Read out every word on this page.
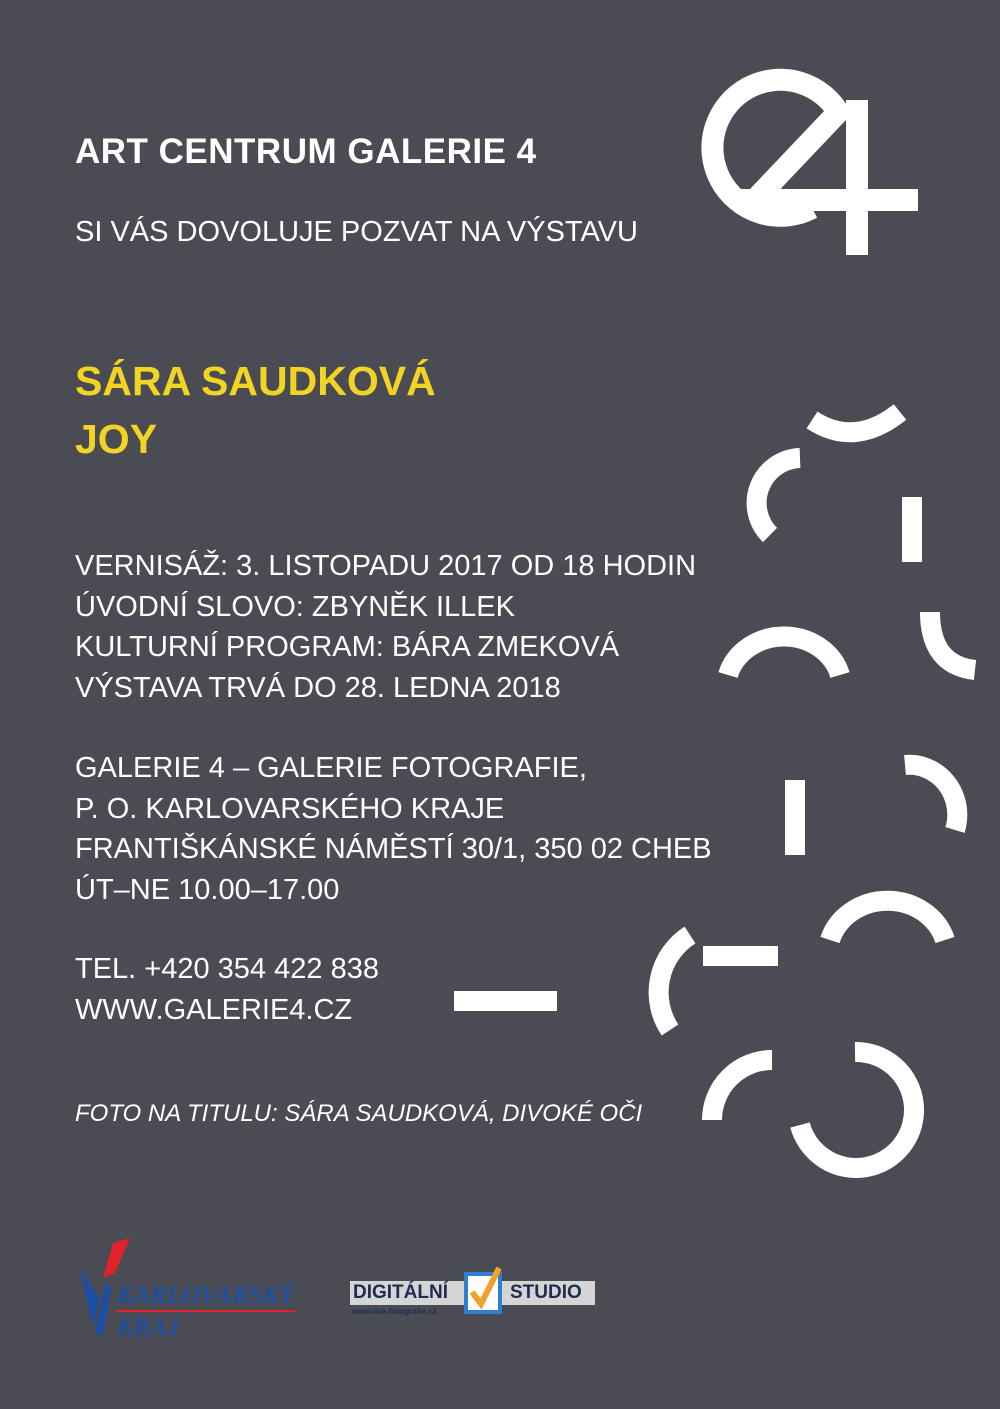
ART CENTRUM GALERIE 4
SI VÁS DOVOLUJE POZVAT NA VÝSTAVU
SÁRA SAUDKOVÁ
JOY
VERNISÁŽ: 3. LISTOPADU 2017 OD 18 HODIN
ÚVODNÍ SLOVO: ZBYNĚK ILLEK
KULTURNÍ PROGRAM: BÁRA ZMEKOVÁ
VÝSTAVA TRVÁ DO 28. LEDNA 2018
GALERIE 4 – GALERIE FOTOGRAFIE,
P. O. KARLOVARSKÉHO KRAJE
FRANTIŠKÁNSKÉ NÁMĚSTÍ 30/1, 350 02 CHEB
ÚT–NE 10.00–17.00
TEL. +420 354 422 838
WWW.GALERIE4.CZ
FOTO NA TITULU: SÁRA SAUDKOVÁ, DIVOKÉ OČI
KARLOVARSKÝ
KRAJ
DIGITÁLNÍ	STUDIO
www.tisk-fotografie.cz
